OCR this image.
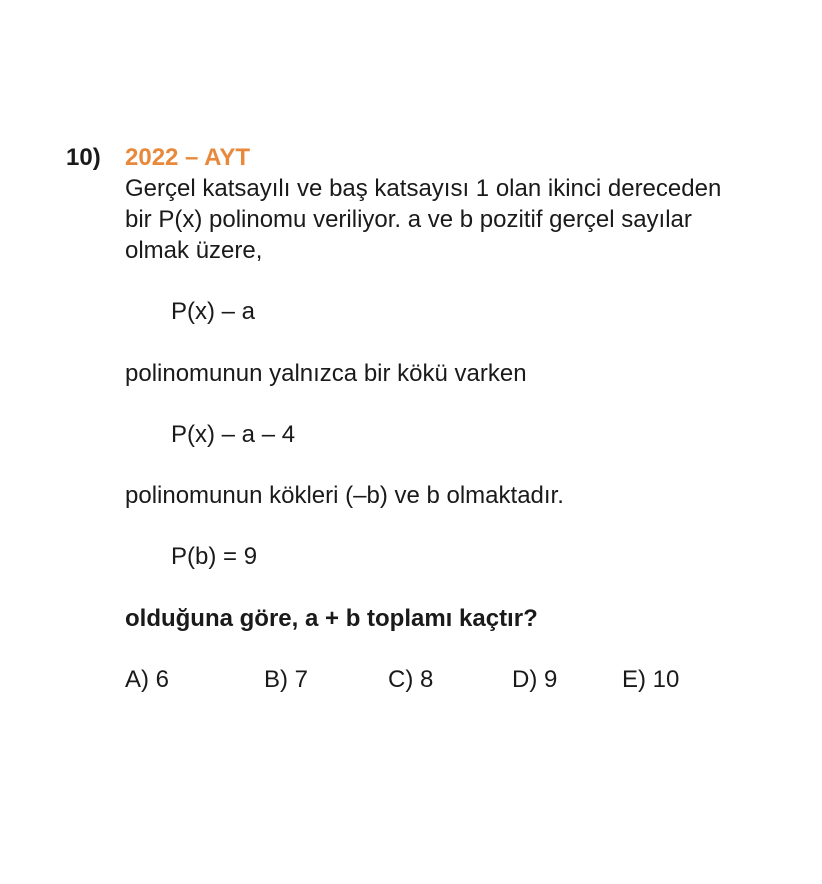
10) 2022 – AYT
Gerçel katsayılı ve baş katsayısı 1 olan ikinci dereceden
bir P(x) polinomu veriliyor. a ve b pozitif gerçel sayılar
olmak üzere,
P(x) – a
polinomunun yalnızca bir kökü varken
P(x) – a – 4
polinomunun kökleri (–b) ve b olmaktadır.
P(b) = 9
olduğuna göre, a + b toplamı kaçtır?
A) 6	B) 7	C) 8	D) 9	E) 10
